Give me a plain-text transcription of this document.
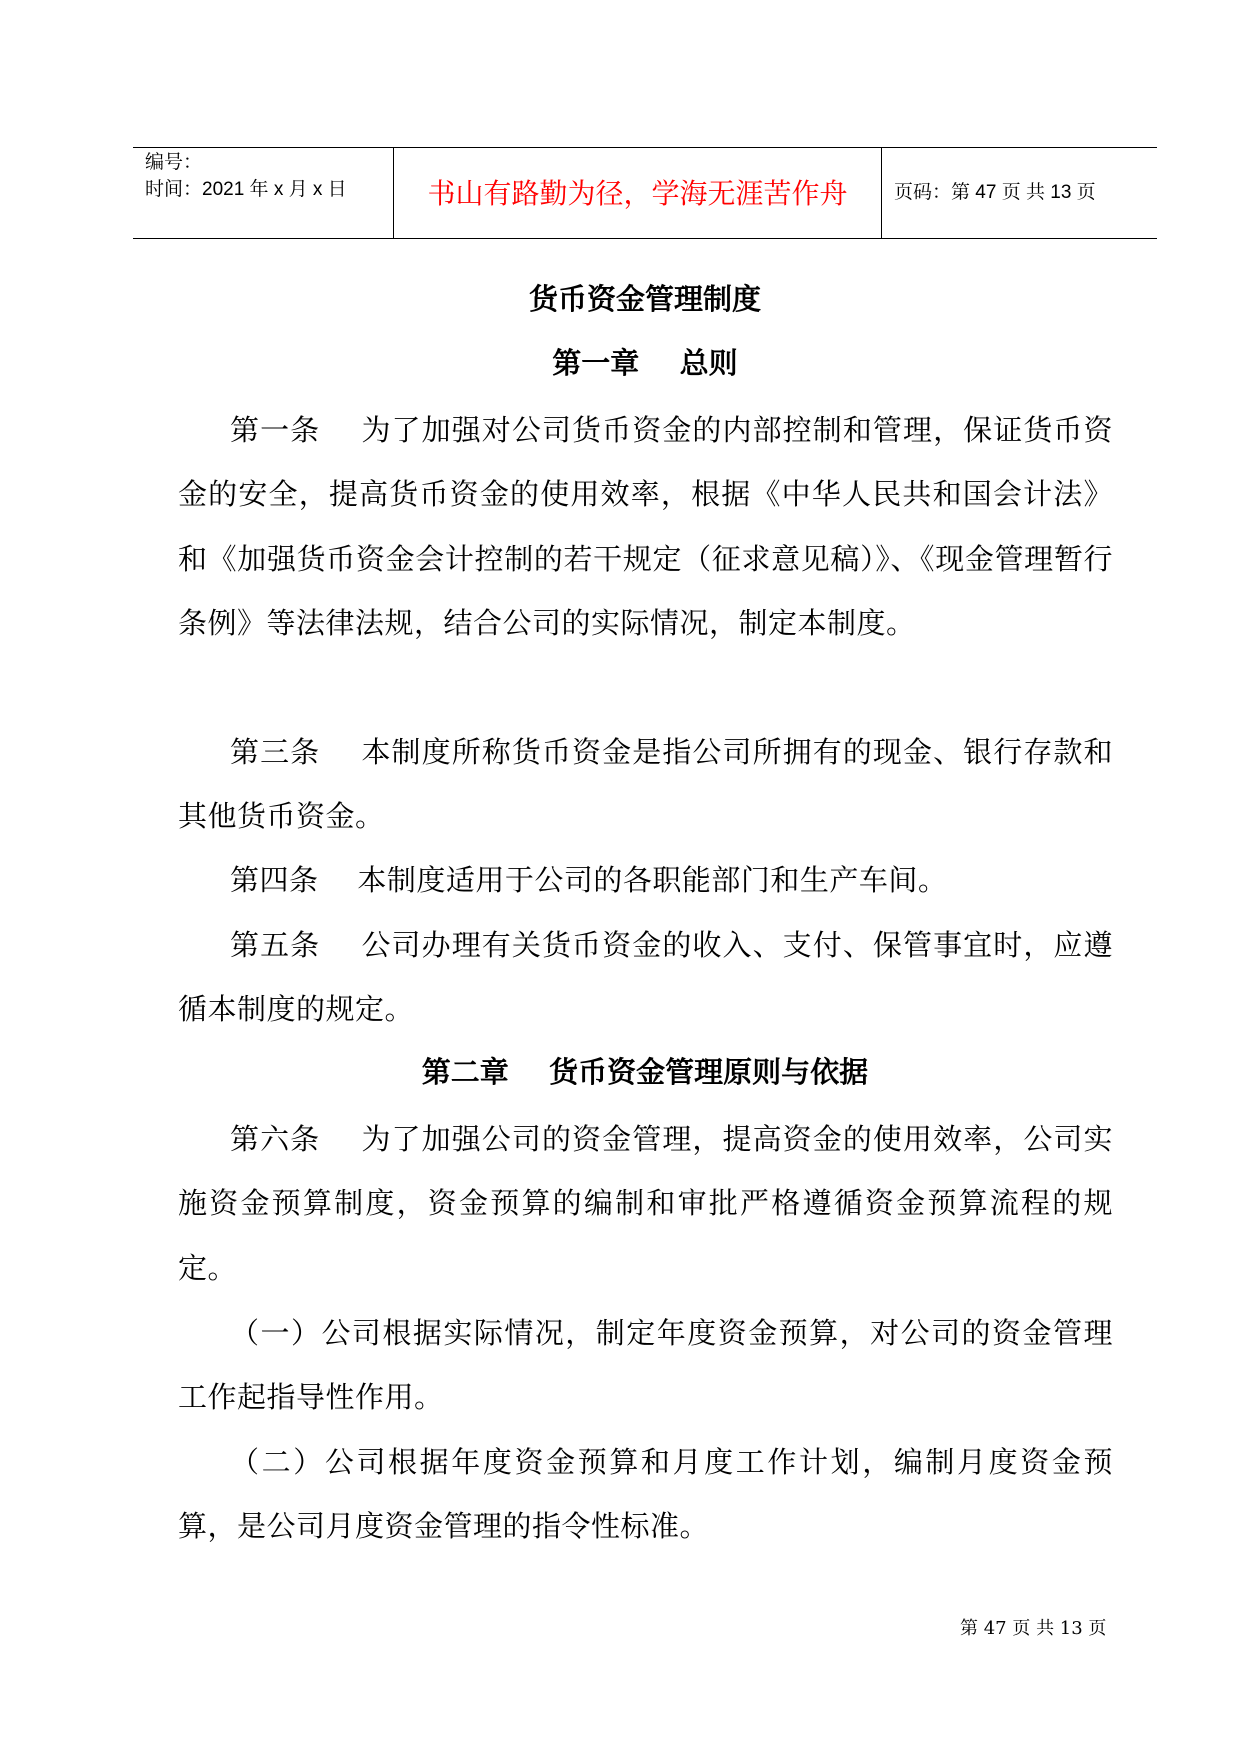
编号：
时间：2021 年 x 月 x 日	书山有路勤为径，学海无涯苦作舟	页码：第 47 页 共 13 页
货币资金管理制度
第一章    总则
第一条    为了加强对公司货币资金的内部控制和管理，保证货币资金的安全，提高货币资金的使用效率，根据《中华人民共和国会计法》和《加强货币资金会计控制的若干规定（征求意见稿）》、《现金管理暂行条例》等法律法规，结合公司的实际情况，制定本制度。
第三条    本制度所称货币资金是指公司所拥有的现金、银行存款和其他货币资金。
第四条    本制度适用于公司的各职能部门和生产车间。
第五条    公司办理有关货币资金的收入、支付、保管事宜时，应遵循本制度的规定。
第二章    货币资金管理原则与依据
第六条    为了加强公司的资金管理，提高资金的使用效率，公司实施资金预算制度，资金预算的编制和审批严格遵循资金预算流程的规定。
（一）公司根据实际情况，制定年度资金预算，对公司的资金管理工作起指导性作用。
（二）公司根据年度资金预算和月度工作计划，编制月度资金预算，是公司月度资金管理的指令性标准。
第 47 页 共 13 页
